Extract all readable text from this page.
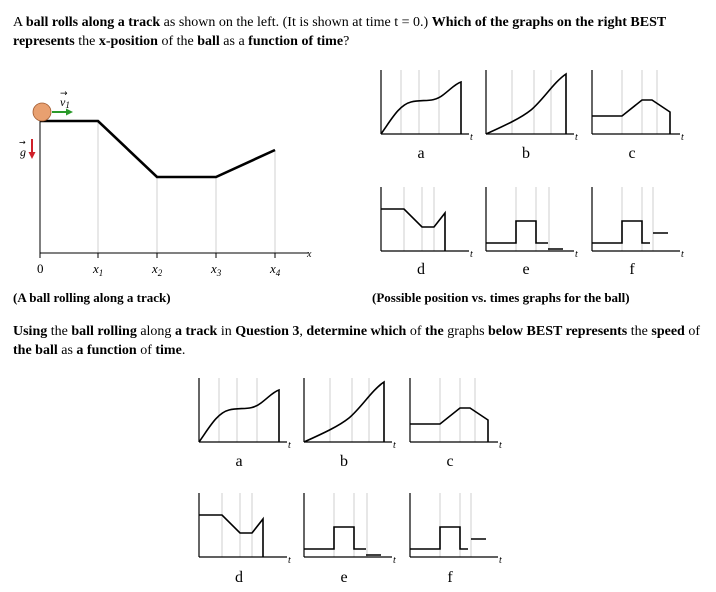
A ball rolls along a track as shown on the left. (It is shown at time t = 0.) Which of the graphs on the right BEST represents the x-position of the ball as a function of time?

x
v1
→
g
→
0	$x_1$	$x_2$	$x_3$	$x_4$
t
a
t
b
t
c
t
d
t
e
t
f
t
a
t
b
t
c
t
d
t
e
t
f
(A ball rolling along a track)	(Possible position vs. times graphs for the ball)

Using the ball rolling along a track in Question 3, determine which of the graphs below BEST represents the speed of the ball as a function of time.
